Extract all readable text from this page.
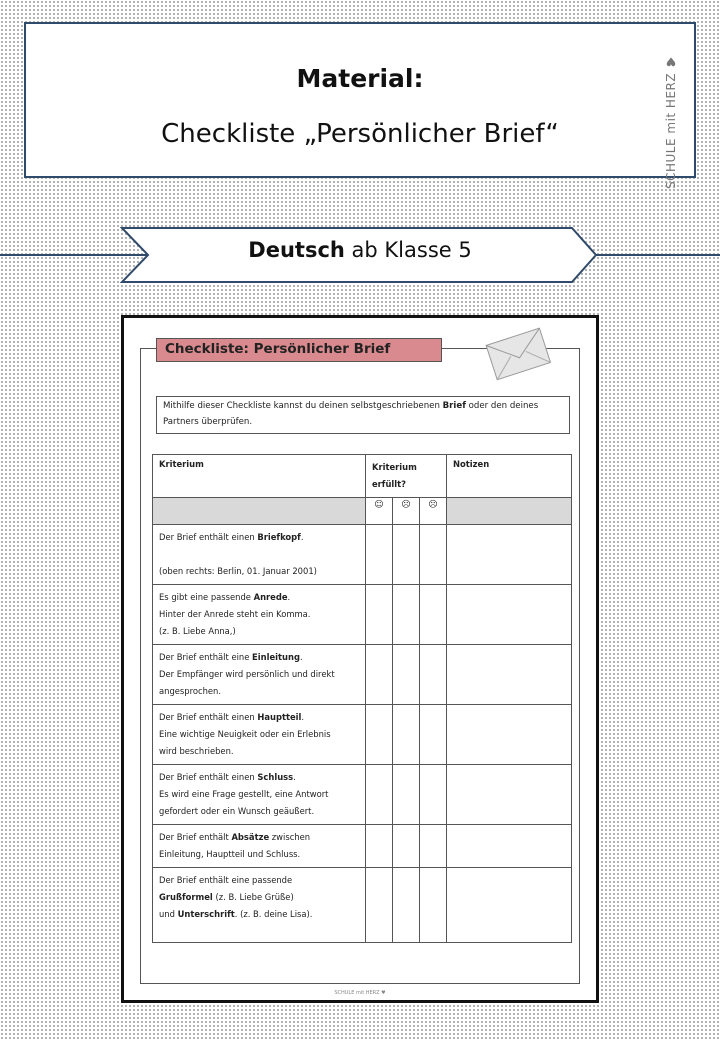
Material:
Checkliste „Persönlicher Brief“	SCHULE mit HERZ ♥
Deutsch ab Klasse 5
Checkliste: Persönlicher Brief
Mithilfe dieser Checkliste kannst du deinen selbstgeschriebenen Brief oder den deines Partners überprüfen.
Kriterium	Kriterium erfüllt?			Notizen
	☺	☹	☹	

Der Brief enthält einen Briefkopf.
(oben rechts: Berlin, 01. Januar 2001)				

Es gibt eine passende Anrede.
Hinter der Anrede steht ein Komma.
(z. B. Liebe Anna,)				

Der Brief enthält eine Einleitung.
Der Empfänger wird persönlich und direkt
angesprochen.				

Der Brief enthält einen Hauptteil.
Eine wichtige Neuigkeit oder ein Erlebnis
wird beschrieben.				

Der Brief enthält einen Schluss.
Es wird eine Frage gestellt, eine Antwort
gefordert oder ein Wunsch geäußert.				

Der Brief enthält Absätze zwischen
Einleitung, Hauptteil und Schluss.				

Der Brief enthält eine passende
Grußformel (z. B. Liebe Grüße)
und Unterschrift. (z. B. deine Lisa).				

SCHULE mit HERZ ♥
